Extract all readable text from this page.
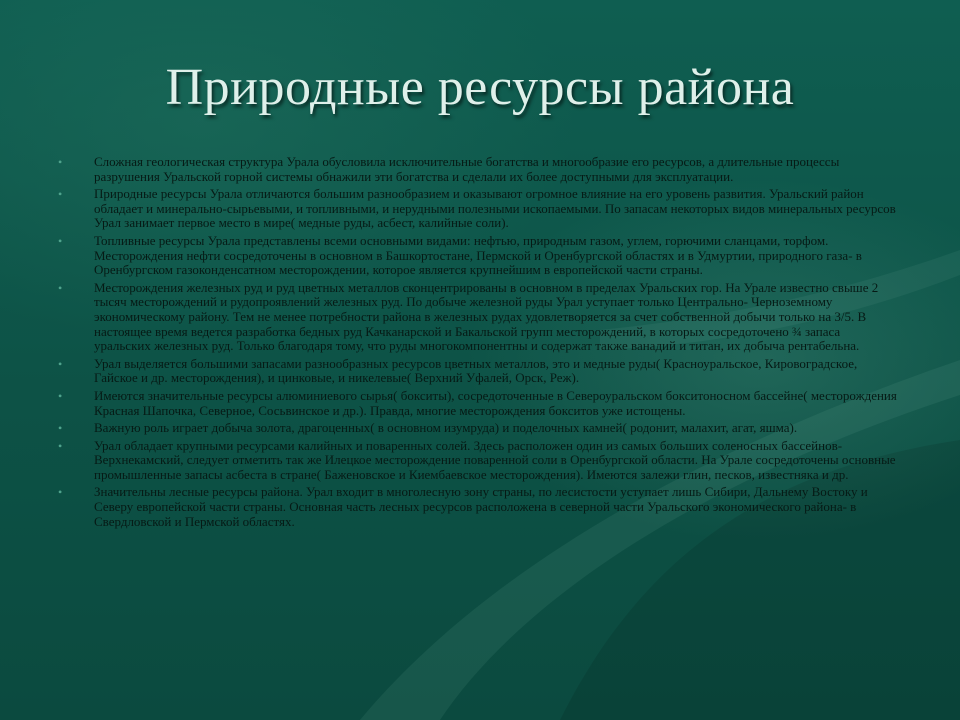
Природные ресурсы района
• Сложная геологическая структура Урала обусловила исключительные богатства и многообразие его ресурсов, а длительные процессы разрушения Уральской горной системы обнажили эти богатства и сделали их более доступными для эксплуатации.
• Природные ресурсы Урала отличаются большим разнообразием и оказывают огромное влияние на его уровень развития. Уральский район обладает и минерально-сырьевыми, и топливными, и нерудными полезными ископаемыми. По запасам некоторых видов минеральных ресурсов Урал занимает первое место в мире( медные руды, асбест, калийные соли).
• Топливные ресурсы Урала представлены всеми основными видами: нефтью, природным газом, углем, горючими сланцами, торфом. Месторождения нефти сосредоточены в основном в Башкортостане, Пермской и Оренбургской областях и в Удмуртии, природного газа- в Оренбургском газоконденсатном месторождении, которое является крупнейшим в европейской части страны.
• Месторождения железных руд и руд цветных металлов сконцентрированы в основном в пределах Уральских гор. На Урале известно свыше 2 тысяч месторождений и рудопроявлений железных руд. По добыче железной руды Урал уступает только Центрально- Черноземному экономическому району. Тем не менее потребности района в железных рудах удовлетворяется за счет собственной добычи только на 3/5. В настоящее время ведется разработка бедных руд Качканарской и Бакальской групп месторождений, в которых сосредоточено ¾ запаса уральских железных руд. Только благодаря тому, что руды многокомпонентны и содержат также ванадий и титан, их добыча рентабельна.
• Урал выделяется большими запасами разнообразных ресурсов цветных металлов, это и медные руды( Красноуральское, Кировоградское, Гайское и др. месторождения), и цинковые, и никелевые( Верхний Уфалей, Орск, Реж).
• Имеются значительные ресурсы алюминиевого сырья( бокситы), сосредоточенные в Североуральском бокситоносном бассейне( месторождения Красная Шапочка, Северное, Сосьвинское и др.). Правда, многие месторождения бокситов уже истощены.
• Важную роль играет добыча золота, драгоценных( в основном изумруда) и поделочных камней( родонит, малахит, агат, яшма).
• Урал обладает крупными ресурсами калийных и поваренных солей. Здесь расположен один из самых больших соленосных бассейнов- Верхнекамский, следует отметить так же Илецкое месторождение поваренной соли в Оренбургской области. На Урале сосредоточены основные промышленные запасы асбеста в стране( Баженовское и Киембаевское месторождения). Имеются залежи глин, песков, известняка и др.
• Значительны лесные ресурсы района. Урал входит в многолесную зону страны, по лесистости уступает лишь Сибири, Дальнему Востоку и Северу европейской части страны. Основная часть лесных ресурсов расположена в северной части Уральского экономического района- в Свердловской и Пермской областях.
